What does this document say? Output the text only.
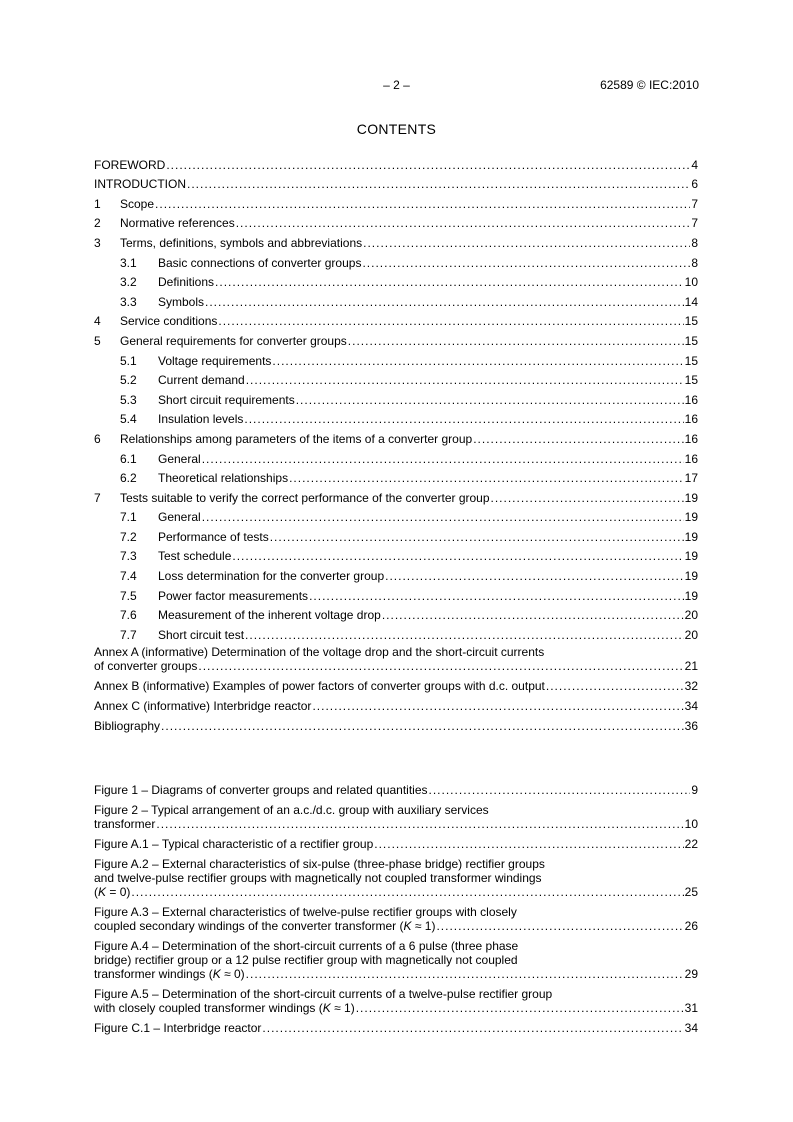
– 2 –	62589 © IEC:2010
CONTENTS
FOREWORD .....	4
INTRODUCTION .....	6
1	Scope .....	7
2	Normative references .....	7
3	Terms, definitions, symbols and abbreviations .....	8
3.1	Basic connections of converter groups .....	8
3.2	Definitions .....	10
3.3	Symbols .....	14
4	Service conditions .....	15
5	General requirements for converter groups .....	15
5.1	Voltage requirements .....	15
5.2	Current demand .....	15
5.3	Short circuit requirements .....	16
5.4	Insulation levels .....	16
6	Relationships among parameters of the items of a converter group .....	16
6.1	General .....	16
6.2	Theoretical relationships .....	17
7	Tests suitable to verify the correct performance of the converter group .....	19
7.1	General .....	19
7.2	Performance of tests .....	19
7.3	Test schedule .....	19
7.4	Loss determination for the converter group .....	19
7.5	Power factor measurements .....	19
7.6	Measurement of the inherent voltage drop .....	20
7.7	Short circuit test .....	20
Annex A (informative) Determination of the voltage drop and the short-circuit currents
of converter groups .....	21
Annex B (informative) Examples of power factors of converter groups with d.c. output .....	32
Annex C (informative) Interbridge reactor .....	34
Bibliography .....	36
Figure 1 – Diagrams of converter groups and related quantities .....	9
Figure 2 – Typical arrangement of an a.c./d.c. group with auxiliary services
transformer .....	10
Figure A.1 – Typical characteristic of a rectifier group .....	22
Figure A.2 – External characteristics of six-pulse (three-phase bridge) rectifier groups
and twelve-pulse rectifier groups with magnetically not coupled transformer windings
(K = 0) .....	25
Figure A.3 – External characteristics of twelve-pulse rectifier groups with closely
coupled secondary windings of the converter transformer (K ≈ 1) .....	26
Figure A.4 – Determination of the short-circuit currents of a 6 pulse (three phase
bridge) rectifier group or a 12 pulse rectifier group with magnetically not coupled
transformer windings (K ≈ 0) .....	29
Figure A.5 – Determination of the short-circuit currents of a twelve-pulse rectifier group
with closely coupled transformer windings (K ≈ 1) .....	31
Figure C.1 – Interbridge reactor .....	34
